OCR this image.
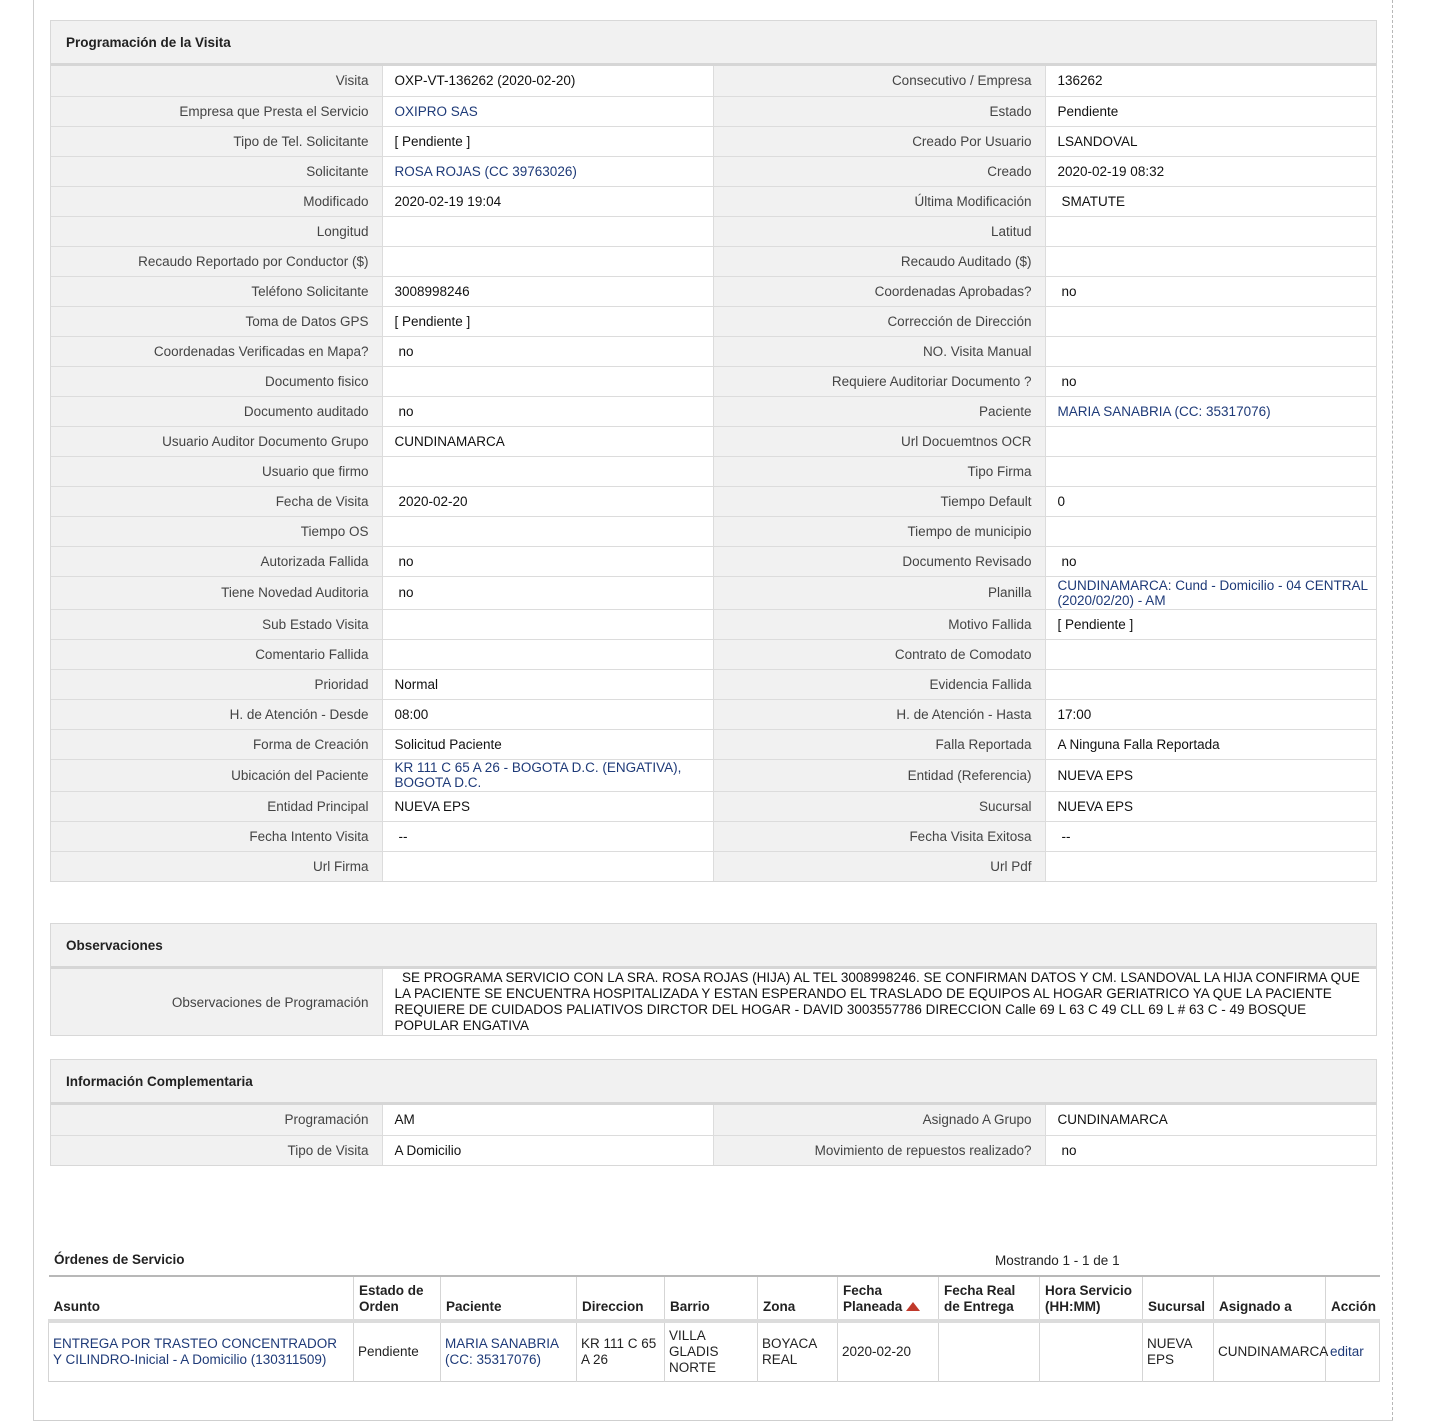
Programación de la Visita
Visita	OXP-VT-136262 (2020-02-20)	Consecutivo / Empresa	136262
Empresa que Presta el Servicio	OXIPRO SAS	Estado	Pendiente
Tipo de Tel. Solicitante	[ Pendiente ]	Creado Por Usuario	LSANDOVAL
Solicitante	ROSA ROJAS (CC 39763026)	Creado	2020-02-19 08:32
Modificado	2020-02-19 19:04	Última Modificación	SMATUTE
Longitud		Latitud	
Recaudo Reportado por Conductor ($)		Recaudo Auditado ($)	
Teléfono Solicitante	3008998246	Coordenadas Aprobadas?	no
Toma de Datos GPS	[ Pendiente ]	Corrección de Dirección	
Coordenadas Verificadas en Mapa?	no	NO. Visita Manual	
Documento fisico		Requiere Auditoriar Documento ?	no
Documento auditado	no	Paciente	MARIA SANABRIA (CC: 35317076)
Usuario Auditor Documento Grupo	CUNDINAMARCA	Url Docuemtnos OCR	
Usuario que firmo		Tipo Firma	
Fecha de Visita	2020-02-20	Tiempo Default	0
Tiempo OS		Tiempo de municipio	
Autorizada Fallida	no	Documento Revisado	no
Tiene Novedad Auditoria	no	Planilla	CUNDINAMARCA: Cund - Domicilio - 04 CENTRAL (2020/02/20) - AM
Sub Estado Visita		Motivo Fallida	[ Pendiente ]
Comentario Fallida		Contrato de Comodato	
Prioridad	Normal	Evidencia Fallida	
H. de Atención - Desde	08:00	H. de Atención - Hasta	17:00
Forma de Creación	Solicitud Paciente	Falla Reportada	A Ninguna Falla Reportada
Ubicación del Paciente	KR 111 C 65 A 26 - BOGOTA D.C. (ENGATIVA), BOGOTA D.C.	Entidad (Referencia)	NUEVA EPS
Entidad Principal	NUEVA EPS	Sucursal	NUEVA EPS
Fecha Intento Visita	--	Fecha Visita Exitosa	--
Url Firma		Url Pdf	
Observaciones
Observaciones de Programación	
SE PROGRAMA SERVICIO CON LA SRA. ROSA ROJAS (HIJA) AL TEL 3008998246. SE CONFIRMAN DATOS Y CM. LSANDOVAL LA HIJA CONFIRMA QUE LA PACIENTE SE ENCUENTRA HOSPITALIZADA Y ESTAN ESPERANDO EL TRASLADO DE EQUIPOS AL HOGAR GERIATRICO YA QUE LA PACIENTE REQUIERE DE CUIDADOS PALIATIVOS DIRCTOR DEL HOGAR - DAVID 3003557786 DIRECCION Calle 69 L 63 C 49 CLL 69 L # 63 C - 49 BOSQUE POPULAR ENGATIVA
Información Complementaria
Programación	AM	Asignado A Grupo	CUNDINAMARCA
Tipo de Visita	A Domicilio	Movimiento de repuestos realizado?	no
Órdenes de Servicio	Mostrando 1 - 1 de 1
Asunto	Estado de Orden	Paciente	Direccion	Barrio	Zona	Fecha Planeada	Fecha Real de Entrega	Hora Servicio (HH:MM)	Sucursal	Asignado a	Acción
ENTREGA POR TRASTEO CONCENTRADOR Y CILINDRO-Inicial - A Domicilio (130311509)	Pendiente	MARIA SANABRIA (CC: 35317076)	KR 111 C 65 A 26	VILLA GLADIS NORTE	BOYACA REAL	2020-02-20			NUEVA EPS	CUNDINAMARCA	editar
